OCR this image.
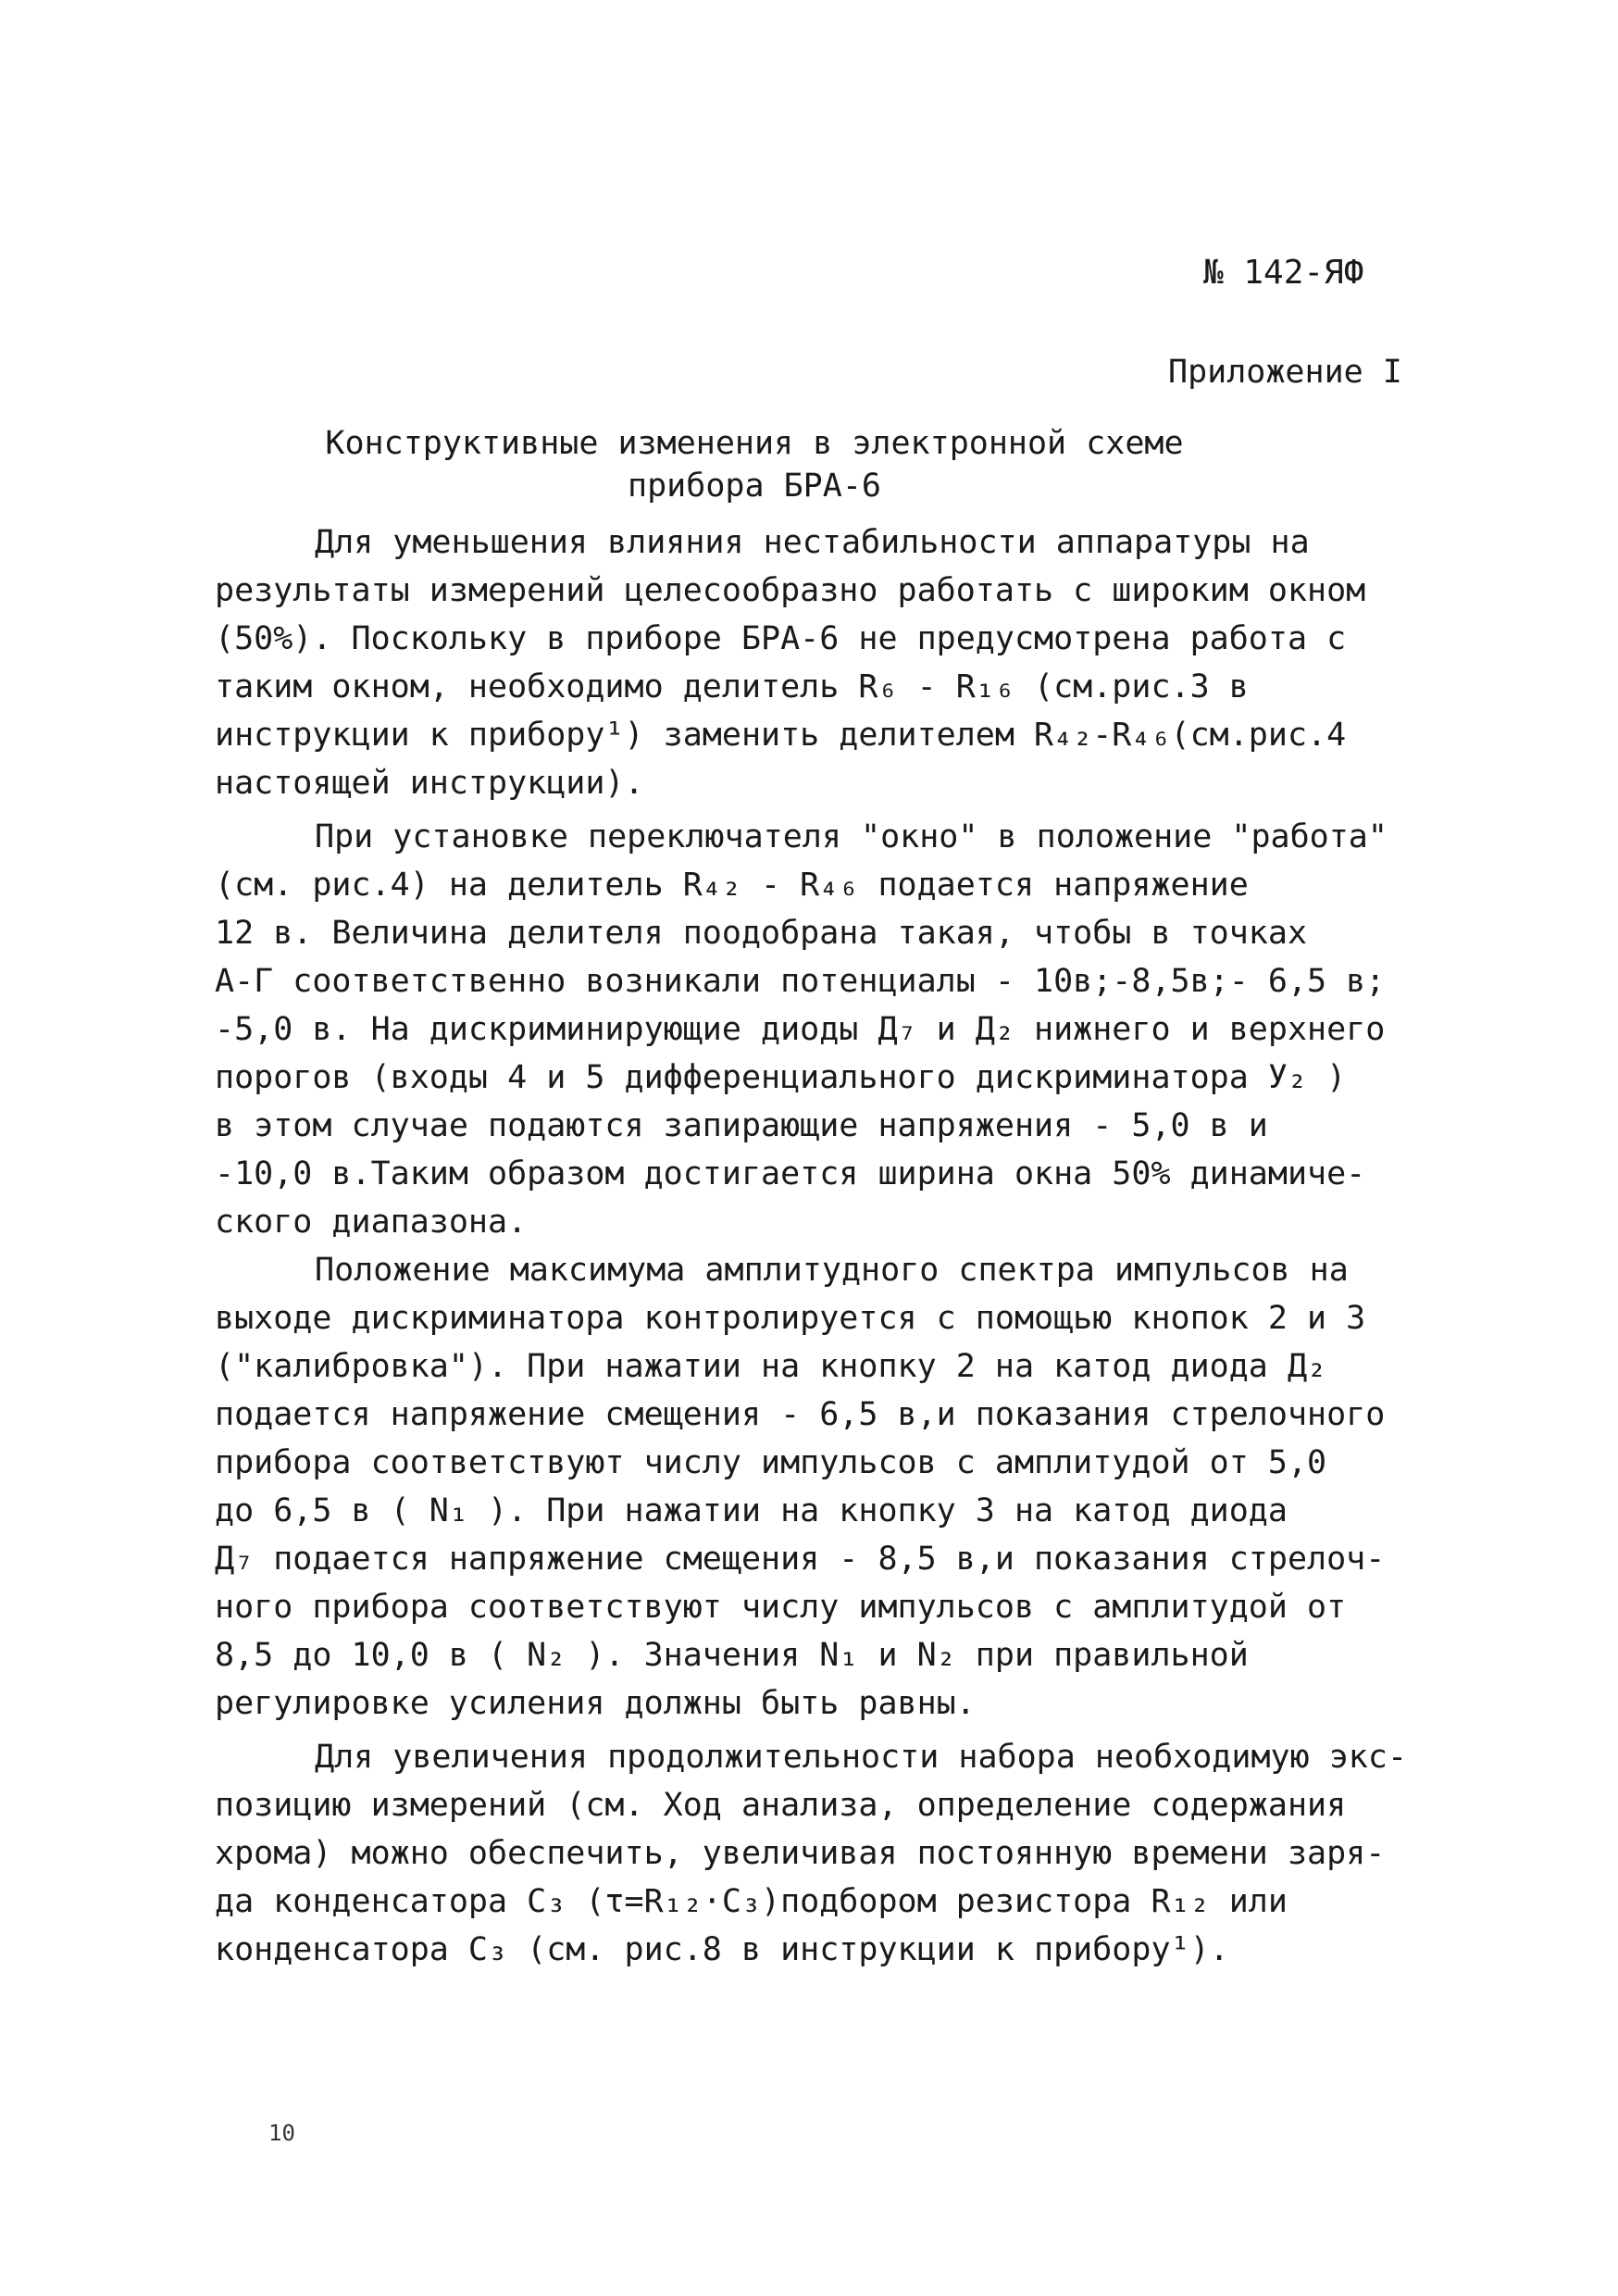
№ 142-ЯФ
Приложение I
Конструктивные изменения в электронной схеме
прибора БРА-6
Для уменьшения влияния нестабильности аппаратуры на
результаты измерений целесообразно работать с широким окном
(50%). Поскольку в приборе БРА-6 не предусмотрена работа с
таким окном, необходимо делитель R₆ - R₁₆ (см.рис.3 в
инструкции к прибору¹) заменить делителем R₄₂-R₄₆(см.рис.4
настоящей инструкции).
При установке переключателя "окно" в положение "работа"
(см. рис.4) на делитель R₄₂ - R₄₆ подается напряжение
12 в. Величина делителя поодобрана такая, чтобы в точках
А-Г соответственно возникали потенциалы - 10в;-8,5в;- 6,5 в;
-5,0 в. На дискриминирующие диоды Д₇ и Д₂ нижнего и верхнего
порогов (входы 4 и 5 дифференциального дискриминатора У₂ )
в этом случае подаются запирающие напряжения - 5,0 в и
-10,0 в.Таким образом достигается ширина окна 50% динамиче-
ского диапазона.
Положение максимума амплитудного спектра импульсов на
выходе дискриминатора контролируется с помощью кнопок 2 и 3
("калибровка"). При нажатии на кнопку 2 на катод диода Д₂
подается напряжение смещения - 6,5 в,и показания стрелочного
прибора соответствуют числу импульсов с амплитудой от 5,0
до 6,5 в ( N₁ ). При нажатии на кнопку 3 на катод диода
Д₇ подается напряжение смещения - 8,5 в,и показания стрелоч-
ного прибора соответствуют числу импульсов с амплитудой от
8,5 до 10,0 в ( N₂ ). Значения N₁ и N₂ при правильной
регулировке усиления должны быть равны.
Для увеличения продолжительности набора необходимую экс-
позицию измерений (см. Ход анализа, определение содержания
хрома) можно обеспечить, увеличивая постоянную времени заря-
да конденсатора С₃ (τ=R₁₂·С₃)подбором резистора R₁₂ или
конденсатора С₃ (см. рис.8 в инструкции к прибору¹).
10
